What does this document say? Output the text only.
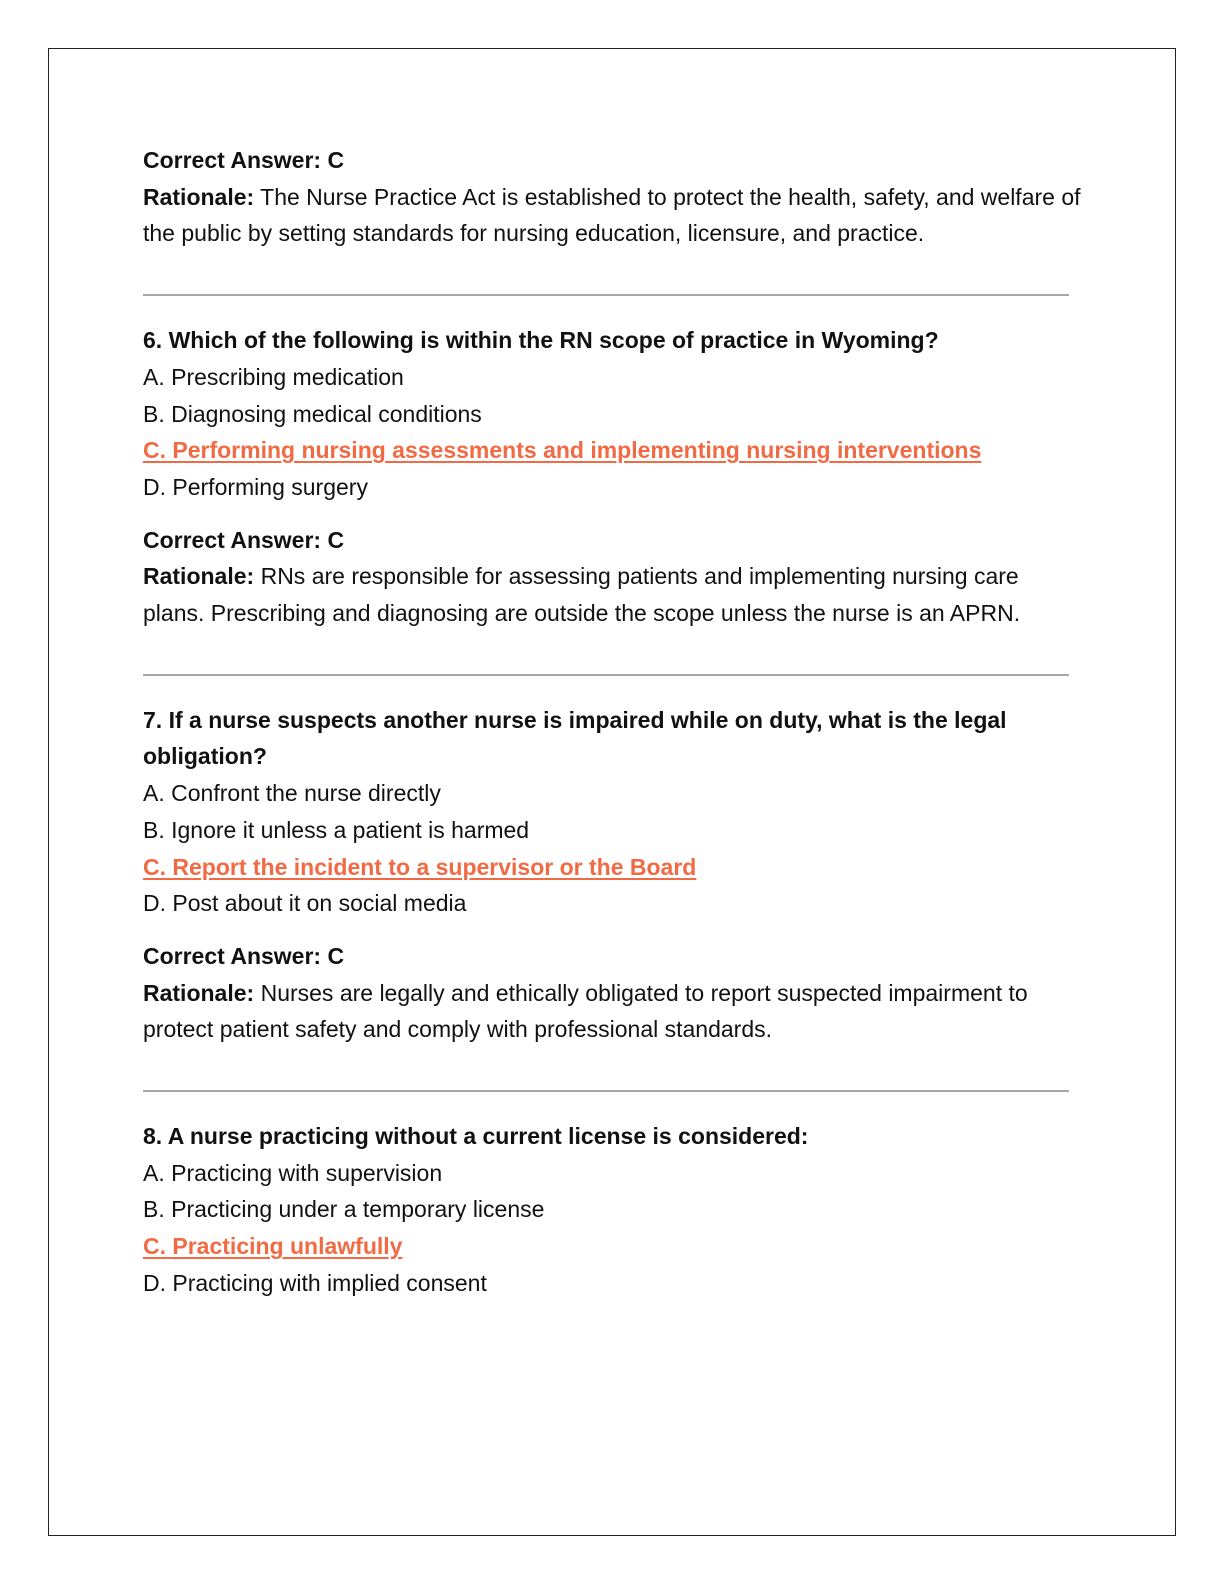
Correct Answer: C

Rationale: The Nurse Practice Act is established to protect the health, safety, and welfare of the public by setting standards for nursing education, licensure, and practice.

6. Which of the following is within the RN scope of practice in Wyoming?

A. Prescribing medication

B. Diagnosing medical conditions

C. Performing nursing assessments and implementing nursing interventions

D. Performing surgery

Correct Answer: C

Rationale: RNs are responsible for assessing patients and implementing nursing care plans. Prescribing and diagnosing are outside the scope unless the nurse is an APRN.

7. If a nurse suspects another nurse is impaired while on duty, what is the legal obligation?

A. Confront the nurse directly

B. Ignore it unless a patient is harmed

C. Report the incident to a supervisor or the Board

D. Post about it on social media

Correct Answer: C

Rationale: Nurses are legally and ethically obligated to report suspected impairment to protect patient safety and comply with professional standards.

8. A nurse practicing without a current license is considered:

A. Practicing with supervision

B. Practicing under a temporary license

C. Practicing unlawfully

D. Practicing with implied consent
